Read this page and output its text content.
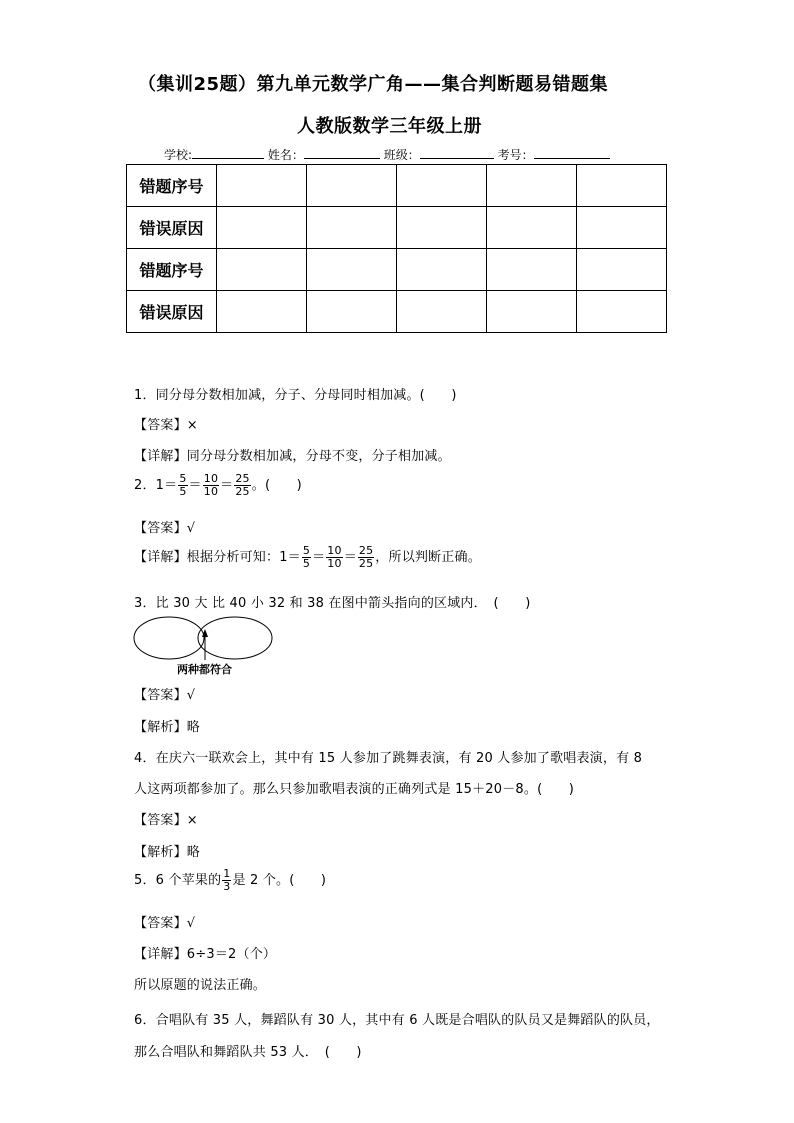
（集训25题）第九单元数学广角——集合判断题易错题集
人教版数学三年级上册
学校:	姓名：	班级：	考号：
错题序号					
错误原因					
错题序号					
错误原因					
1．同分母分数相加减，分子、分母同时相加减。(　　)
【答案】×
【详解】同分母分数相加减，分母不变，分子相加减。
2．$1= \frac{5}{5} = \frac{10}{10} = \frac{25}{25}$ 。(　　)
【答案】√
【详解】根据分析可知：$1= \frac{5}{5} = \frac{10}{10} = \frac{25}{25}$ ，所以判断正确。
3．比 30 大 比 40 小 32 和 38 在图中箭头指向的区域内．　(　　)
两种都符合
【答案】√
【解析】略
4．在庆六一联欢会上，其中有 15 人参加了跳舞表演，有 20 人参加了歌唱表演，有 8
人这两项都参加了。那么只参加歌唱表演的正确列式是 15＋20－8。(　　)
【答案】×
【解析】略
5．6 个苹果的 $\frac{1}{3}$ 是 2 个。(　　)
【答案】√
【详解】6÷3＝2（个）
所以原题的说法正确。
6．合唱队有 35 人，舞蹈队有 30 人，其中有 6 人既是合唱队的队员又是舞蹈队的队员，
那么合唱队和舞蹈队共 53 人．　(　　)
